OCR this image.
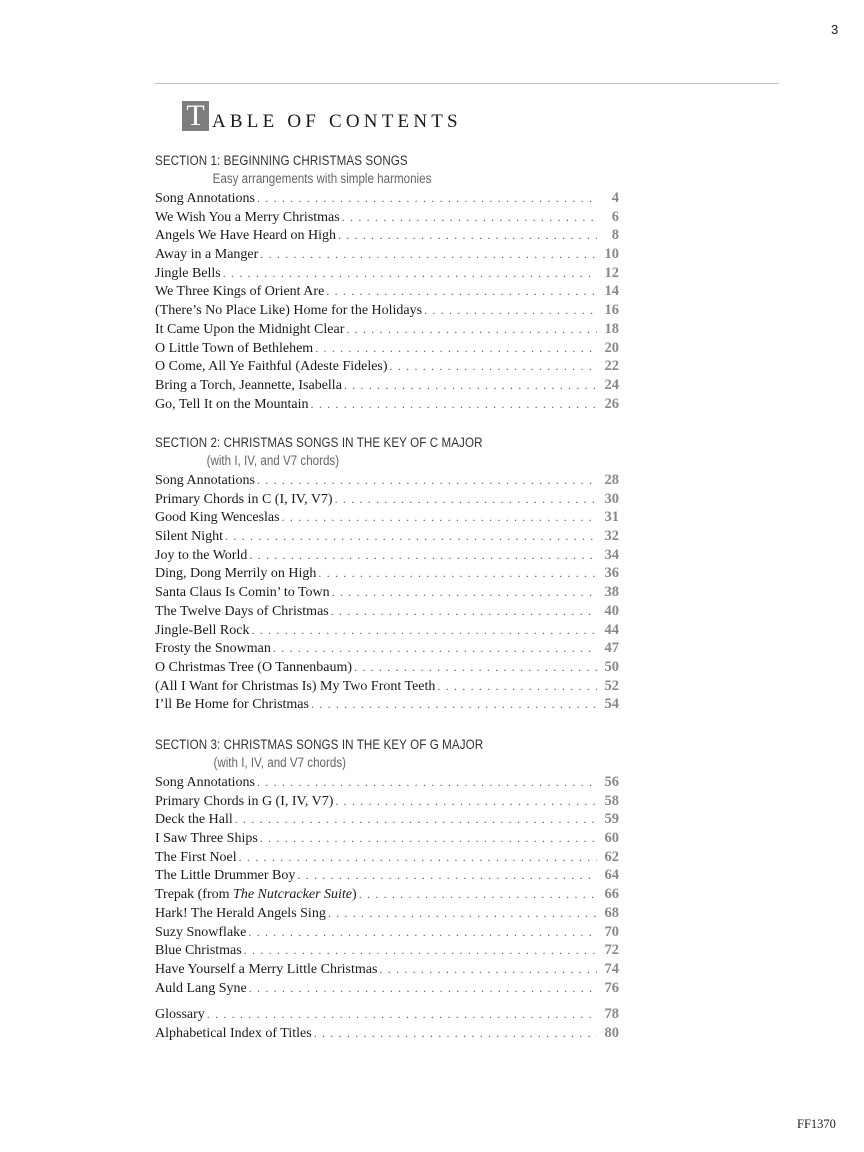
3
T ABLE OF CONTENTS
SECTION 1: BEGINNING CHRISTMAS SONGS
Easy arrangements with simple harmonies
Song Annotations . . .	4
We Wish You a Merry Christmas . . .	6
Angels We Have Heard on High . . .	8
Away in a Manger . . .	10
Jingle Bells . . .	12
We Three Kings of Orient Are . . .	14
(There’s No Place Like) Home for the Holidays . . .	16
It Came Upon the Midnight Clear . . .	18
O Little Town of Bethlehem . . .	20
O Come, All Ye Faithful (Adeste Fideles) . . .	22
Bring a Torch, Jeannette, Isabella . . .	24
Go, Tell It on the Mountain . . .	26
SECTION 2: CHRISTMAS SONGS IN THE KEY OF C MAJOR
(with I, IV, and V7 chords)
Song Annotations . . .	28
Primary Chords in C (I, IV, V7) . . .	30
Good King Wenceslas . . .	31
Silent Night . . .	32
Joy to the World . . .	34
Ding, Dong Merrily on High . . .	36
Santa Claus Is Comin’ to Town . . .	38
The Twelve Days of Christmas . . .	40
Jingle-Bell Rock . . .	44
Frosty the Snowman . . .	47
O Christmas Tree (O Tannenbaum) . . .	50
(All I Want for Christmas Is) My Two Front Teeth . . .	52
I’ll Be Home for Christmas . . .	54
SECTION 3: CHRISTMAS SONGS IN THE KEY OF G MAJOR
(with I, IV, and V7 chords)
Song Annotations . . .	56
Primary Chords in G (I, IV, V7) . . .	58
Deck the Hall . . .	59
I Saw Three Ships . . .	60
The First Noel . . .	62
The Little Drummer Boy . . .	64
Trepak (from The Nutcracker Suite) . . .	66
Hark! The Herald Angels Sing . . .	68
Suzy Snowflake . . .	70
Blue Christmas . . .	72
Have Yourself a Merry Little Christmas . . .	74
Auld Lang Syne . . .	76
Glossary . . .	78
Alphabetical Index of Titles . . .	80
FF1370
